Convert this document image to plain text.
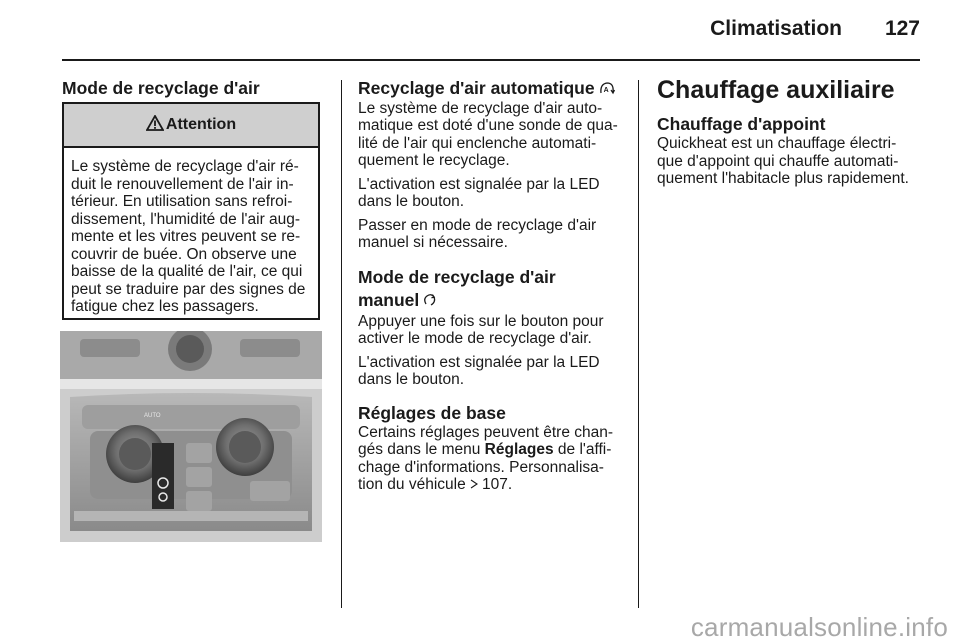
Climatisation 127
Mode de recyclage d'air
Attention
Le système de recyclage d'air ré-
duit le renouvellement de l'air in-
térieur. En utilisation sans refroi-
dissement, l'humidité de l'air aug-
mente et les vitres peuvent se re-
couvrir de buée. On observe une
baisse de la qualité de l'air, ce qui
peut se traduire par des signes de
fatigue chez les passagers.
AUTO
Recyclage d'air automatique A
Le système de recyclage d'air auto-
matique est doté d'une sonde de qua-
lité de l'air qui enclenche automati-
quement le recyclage.
L'activation est signalée par la LED
dans le bouton.
Passer en mode de recyclage d'air
manuel si nécessaire.
Mode de recyclage d'air
manuel
Appuyer une fois sur le bouton pour
activer le mode de recyclage d'air.
L'activation est signalée par la LED
dans le bouton.
Réglages de base
Certains réglages peuvent être chan-
gés dans le menu Réglages de l'affi-
chage d'informations. Personnalisa-
tion du véhicule 107.
Chauffage auxiliaire
Chauffage d'appoint
Quickheat est un chauffage électri-
que d'appoint qui chauffe automati-
quement l'habitacle plus rapidement.
carmanualsonline.info
